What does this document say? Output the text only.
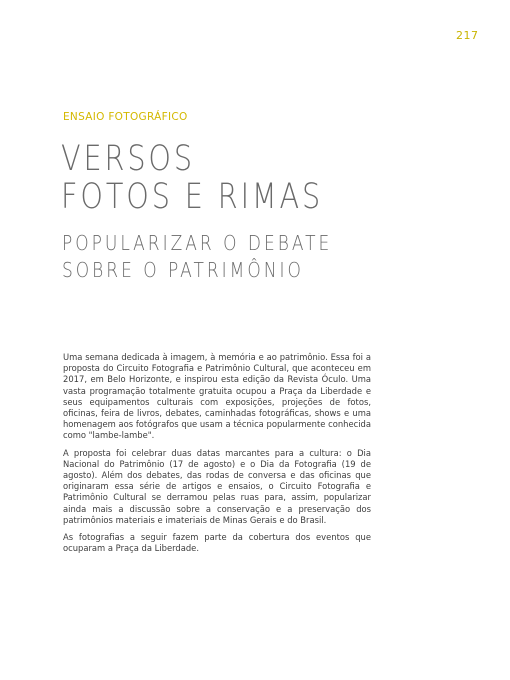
217
ENSAIO FOTOGRÁFICO
VERSOS
FOTOS E RIMAS
POPULARIZAR O DEBATE
SOBRE O PATRIMÔNIO

Uma semana dedicada à imagem, à memória e ao patrimônio. Essa foi a proposta do Circuito Fotografia e Patrimônio Cultural, que aconteceu em 2017, em Belo Horizonte, e inspirou esta edição da Revista Óculo. Uma vasta programação totalmente gratuita ocupou a Praça da Liberdade e seus equipamentos culturais com exposições, projeções de fotos, oficinas, feira de livros, debates, caminhadas fotográficas, shows e uma homenagem aos fotógrafos que usam a técnica popularmente conhecida como "lambe-lambe".

A proposta foi celebrar duas datas marcantes para a cultura: o Dia Nacional do Patrimônio (17 de agosto) e o Dia da Fotografia (19 de agosto). Além dos debates, das rodas de conversa e das oficinas que originaram essa série de artigos e ensaios, o Circuito Fotografia e Patrimônio Cultural se derramou pelas ruas para, assim, popularizar ainda mais a discussão sobre a conservação e a preservação dos patrimônios materiais e imateriais de Minas Gerais e do Brasil.

As fotografias a seguir fazem parte da cobertura dos eventos que ocuparam a Praça da Liberdade.
